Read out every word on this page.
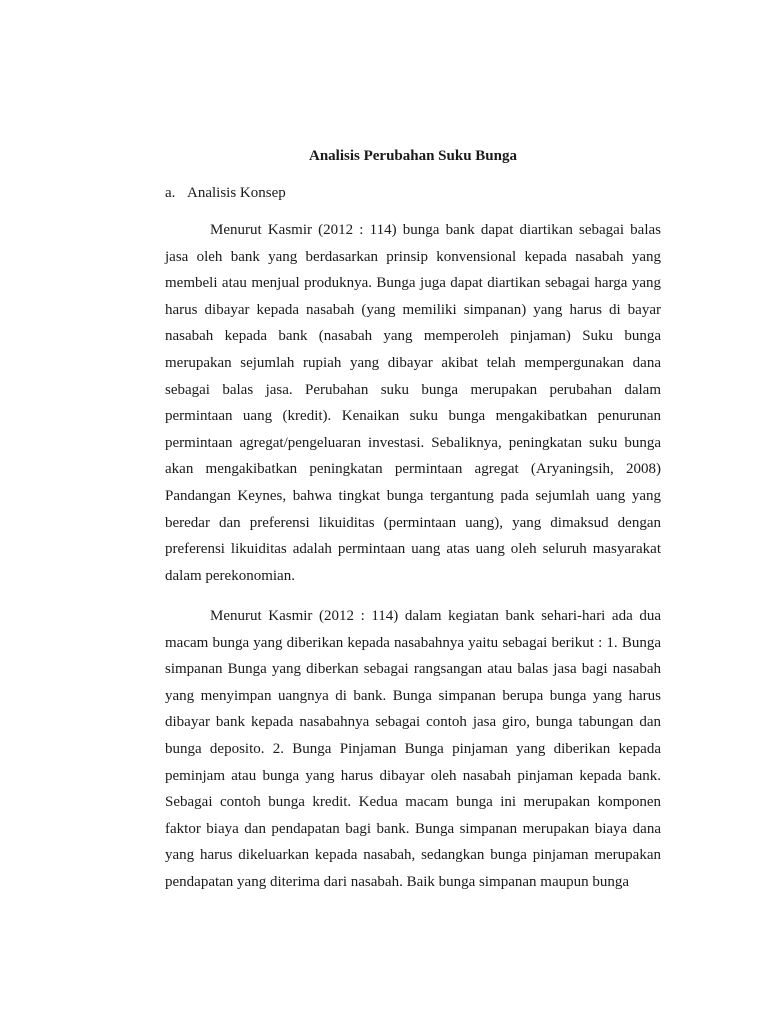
Analisis Perubahan Suku Bunga
a. Analisis Konsep

Menurut Kasmir (2012 : 114) bunga bank dapat diartikan sebagai balas jasa oleh bank yang berdasarkan prinsip konvensional kepada nasabah yang membeli atau menjual produknya. Bunga juga dapat diartikan sebagai harga yang harus dibayar kepada nasabah (yang memiliki simpanan) yang harus di bayar nasabah kepada bank (nasabah yang memperoleh pinjaman) Suku bunga merupakan sejumlah rupiah yang dibayar akibat telah mempergunakan dana sebagai balas jasa. Perubahan suku bunga merupakan perubahan dalam permintaan uang (kredit). Kenaikan suku bunga mengakibatkan penurunan permintaan agregat/pengeluaran investasi. Sebaliknya, peningkatan suku bunga akan mengakibatkan peningkatan permintaan agregat (Aryaningsih, 2008) Pandangan Keynes, bahwa tingkat bunga tergantung pada sejumlah uang yang beredar dan preferensi likuiditas (permintaan uang), yang dimaksud dengan preferensi likuiditas adalah permintaan uang atas uang oleh seluruh masyarakat dalam perekonomian.

Menurut Kasmir (2012 : 114) dalam kegiatan bank sehari-hari ada dua macam bunga yang diberikan kepada nasabahnya yaitu sebagai berikut : 1. Bunga simpanan Bunga yang diberkan sebagai rangsangan atau balas jasa bagi nasabah yang menyimpan uangnya di bank. Bunga simpanan berupa bunga yang harus dibayar bank kepada nasabahnya sebagai contoh jasa giro, bunga tabungan dan bunga deposito. 2. Bunga Pinjaman Bunga pinjaman yang diberikan kepada peminjam atau bunga yang harus dibayar oleh nasabah pinjaman kepada bank. Sebagai contoh bunga kredit. Kedua macam bunga ini merupakan komponen faktor biaya dan pendapatan bagi bank. Bunga simpanan merupakan biaya dana yang harus dikeluarkan kepada nasabah, sedangkan bunga pinjaman merupakan pendapatan yang diterima dari nasabah. Baik bunga simpanan maupun bunga
